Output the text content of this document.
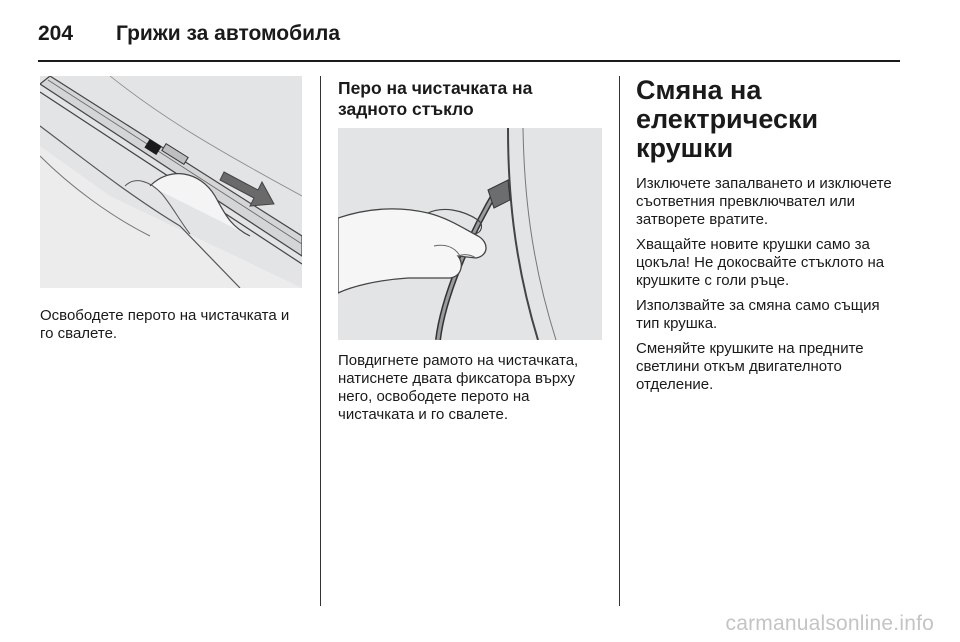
204 Грижи за автомобила

Освободете перото на чистачката и го свалете.

Перо на чистачката на задното стъкло

Повдигнете рамото на чистачката, натиснете двата фиксатора върху него, освободете перото на чистачката и го свалете.

Смяна на електрически крушки

Изключете запалването и изключете съответния превключвател или затворете вратите.

Хващайте новите крушки само за цокъла! Не докосвайте стъклото на крушките с голи ръце.

Използвайте за смяна само същия тип крушка.

Сменяйте крушките на предните светлини откъм двигателното отделение.

carmanualsonline.info
